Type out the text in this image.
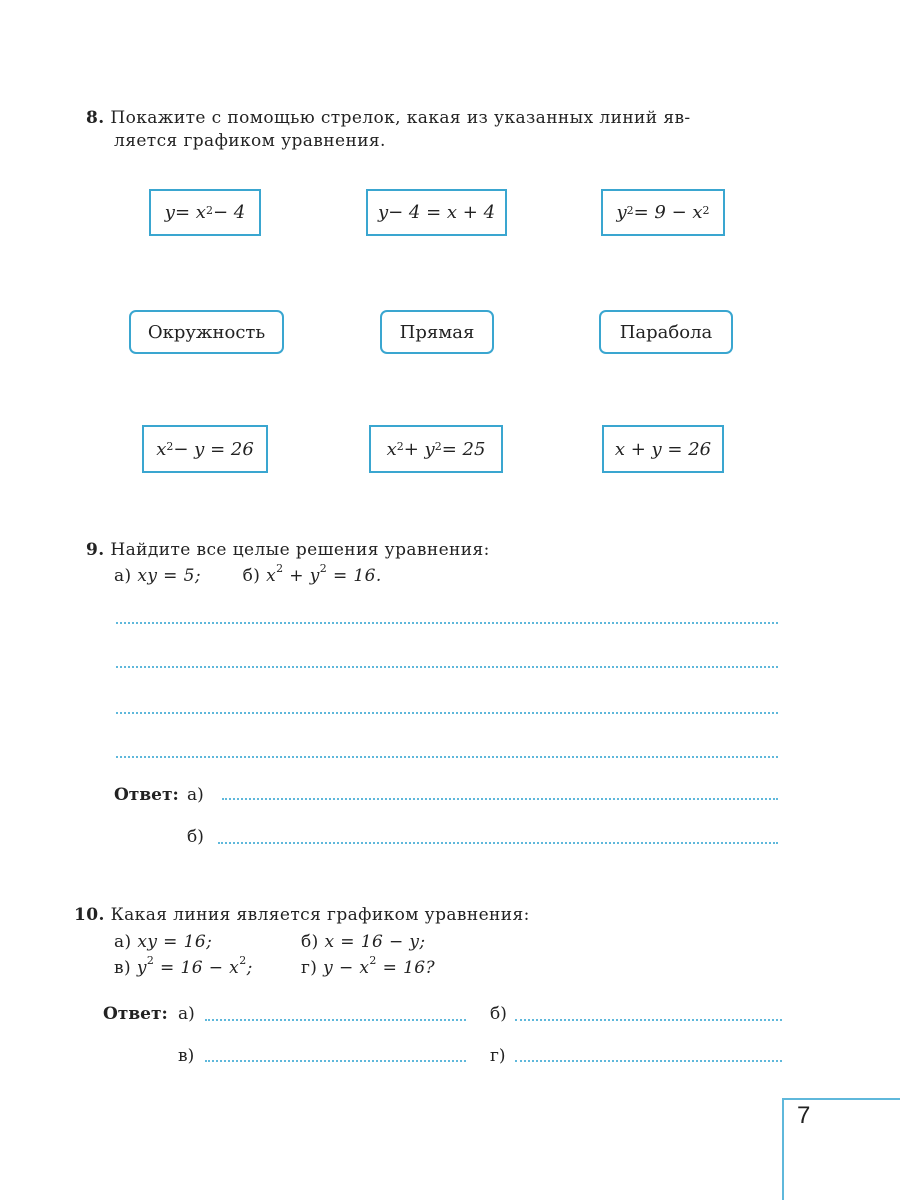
8. Покажите с помощью стрелок, какая из указанных линий яв-
ляется графиком уравнения.
$y = x^2 - 4$	y − 4 = x + 4	$y^2 = 9 - x^2$
Окружность	Прямая	Парабола
$x^2 - y = 26$	$x^2 + y^2 = 25$	x + y = 26
9. Найдите все целые решения уравнения:
а) xy = 5; б) $x^2 + y^2 = 16$.
Ответ: а)
б)
10. Какая линия является графиком уравнения:
а) xy = 16;	б) x = 16 − y;
в) $y^2 = 16 - x^2$;	г) $y - x^2 = 16$?
Ответ: а)	б)
в)	г)
7
